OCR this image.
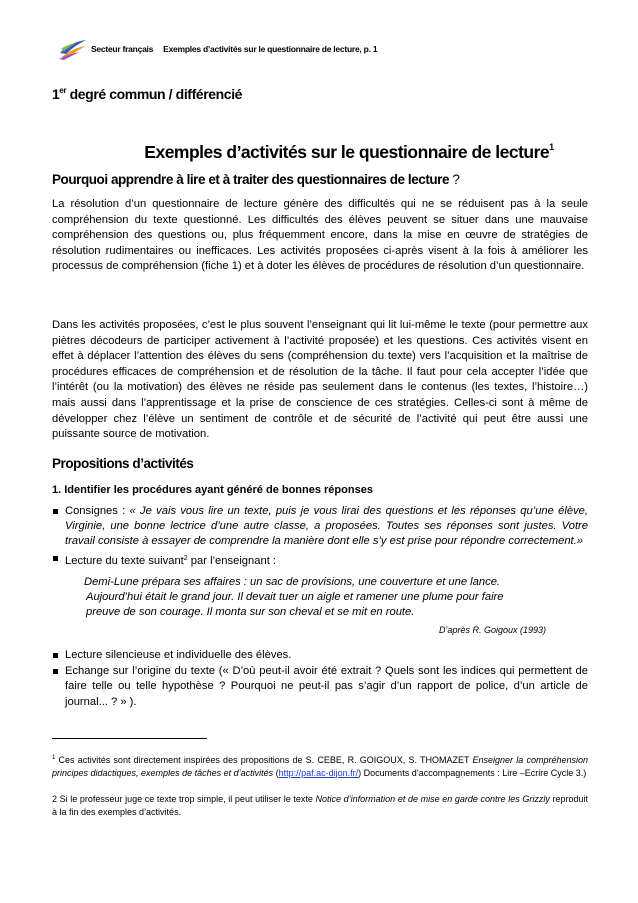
Secteur français Exemples d’activités sur le questionnaire de lecture, p. 1
1er degré commun / différencié
Exemples d’activités sur le questionnaire de lecture$^1$
Pourquoi apprendre à lire et à traiter des questionnaires de lecture ?

La résolution d’un questionnaire de lecture génère des difficultés qui ne se réduisent pas à la seule compréhension du texte questionné. Les difficultés des élèves peuvent se situer dans une mauvaise compréhension des questions ou, plus fréquemment encore, dans la mise en œuvre de stratégies de résolution rudimentaires ou inefficaces. Les activités proposées ci-après visent à la fois à améliorer les processus de compréhension (fiche 1) et à doter les élèves de procédures de résolution d’un questionnaire.

Dans les activités proposées, c’est le plus souvent l’enseignant qui lit lui-même le texte (pour permettre aux piètres décodeurs de participer activement à l’activité proposée) et les questions. Ces activités visent en effet à déplacer l’attention des élèves du sens (compréhension du texte) vers l’acquisition et la maîtrise de procédures efficaces de compréhension et de résolution de la tâche. Il faut pour cela accepter l’idée que l’intérêt (ou la motivation) des élèves ne réside pas seulement dans le contenus (les textes, l’histoire…) mais aussi dans l’apprentissage et la prise de conscience de ces stratégies. Celles-ci sont à même de développer chez l’élève un sentiment de contrôle et de sécurité de l’activité qui peut être aussi une puissante source de motivation.

Propositions d’activités
1. Identifier les procédures ayant généré de bonnes réponses
Consignes : « Je vais vous lire un texte, puis je vous lirai des questions et les réponses qu’une élève, Virginie, une bonne lectrice d’une autre classe, a proposées. Toutes ses réponses sont justes. Votre travail consiste à essayer de comprendre la manière dont elle s’y est prise pour répondre correctement.»
Lecture du texte suivant$^2$ par l’enseignant :
Demi-Lune prépara ses affaires : un sac de provisions, une couverture et une lance.
Aujourd’hui était le grand jour. Il devait tuer un aigle et ramener une plume pour faire
preuve de son courage. Il monta sur son cheval et se mit en route.
D’après R. Goigoux (1993)
Lecture silencieuse et individuelle des élèves.
Echange sur l’origine du texte (« D’où peut-il avoir été extrait ? Quels sont les indices qui permettent de faire telle ou telle hypothèse ? Pourquoi ne peut-il pas s’agir d’un rapport de police, d’un article de journal... ? » ).

$^1$ Ces activités sont directement inspirées des propositions de S. CEBE, R. GOIGOUX, S. THOMAZET Enseigner la compréhension principes didactiques, exemples de tâches et d’activités (http://paf.ac-dijon.fr/) Documents d’accompagnements : Lire –Ecrire Cycle 3.)

2 Si le professeur juge ce texte trop simple, il peut utiliser le texte Notice d’information et de mise en garde contre les Grizzly reproduit à la fin des exemples d’activités.
